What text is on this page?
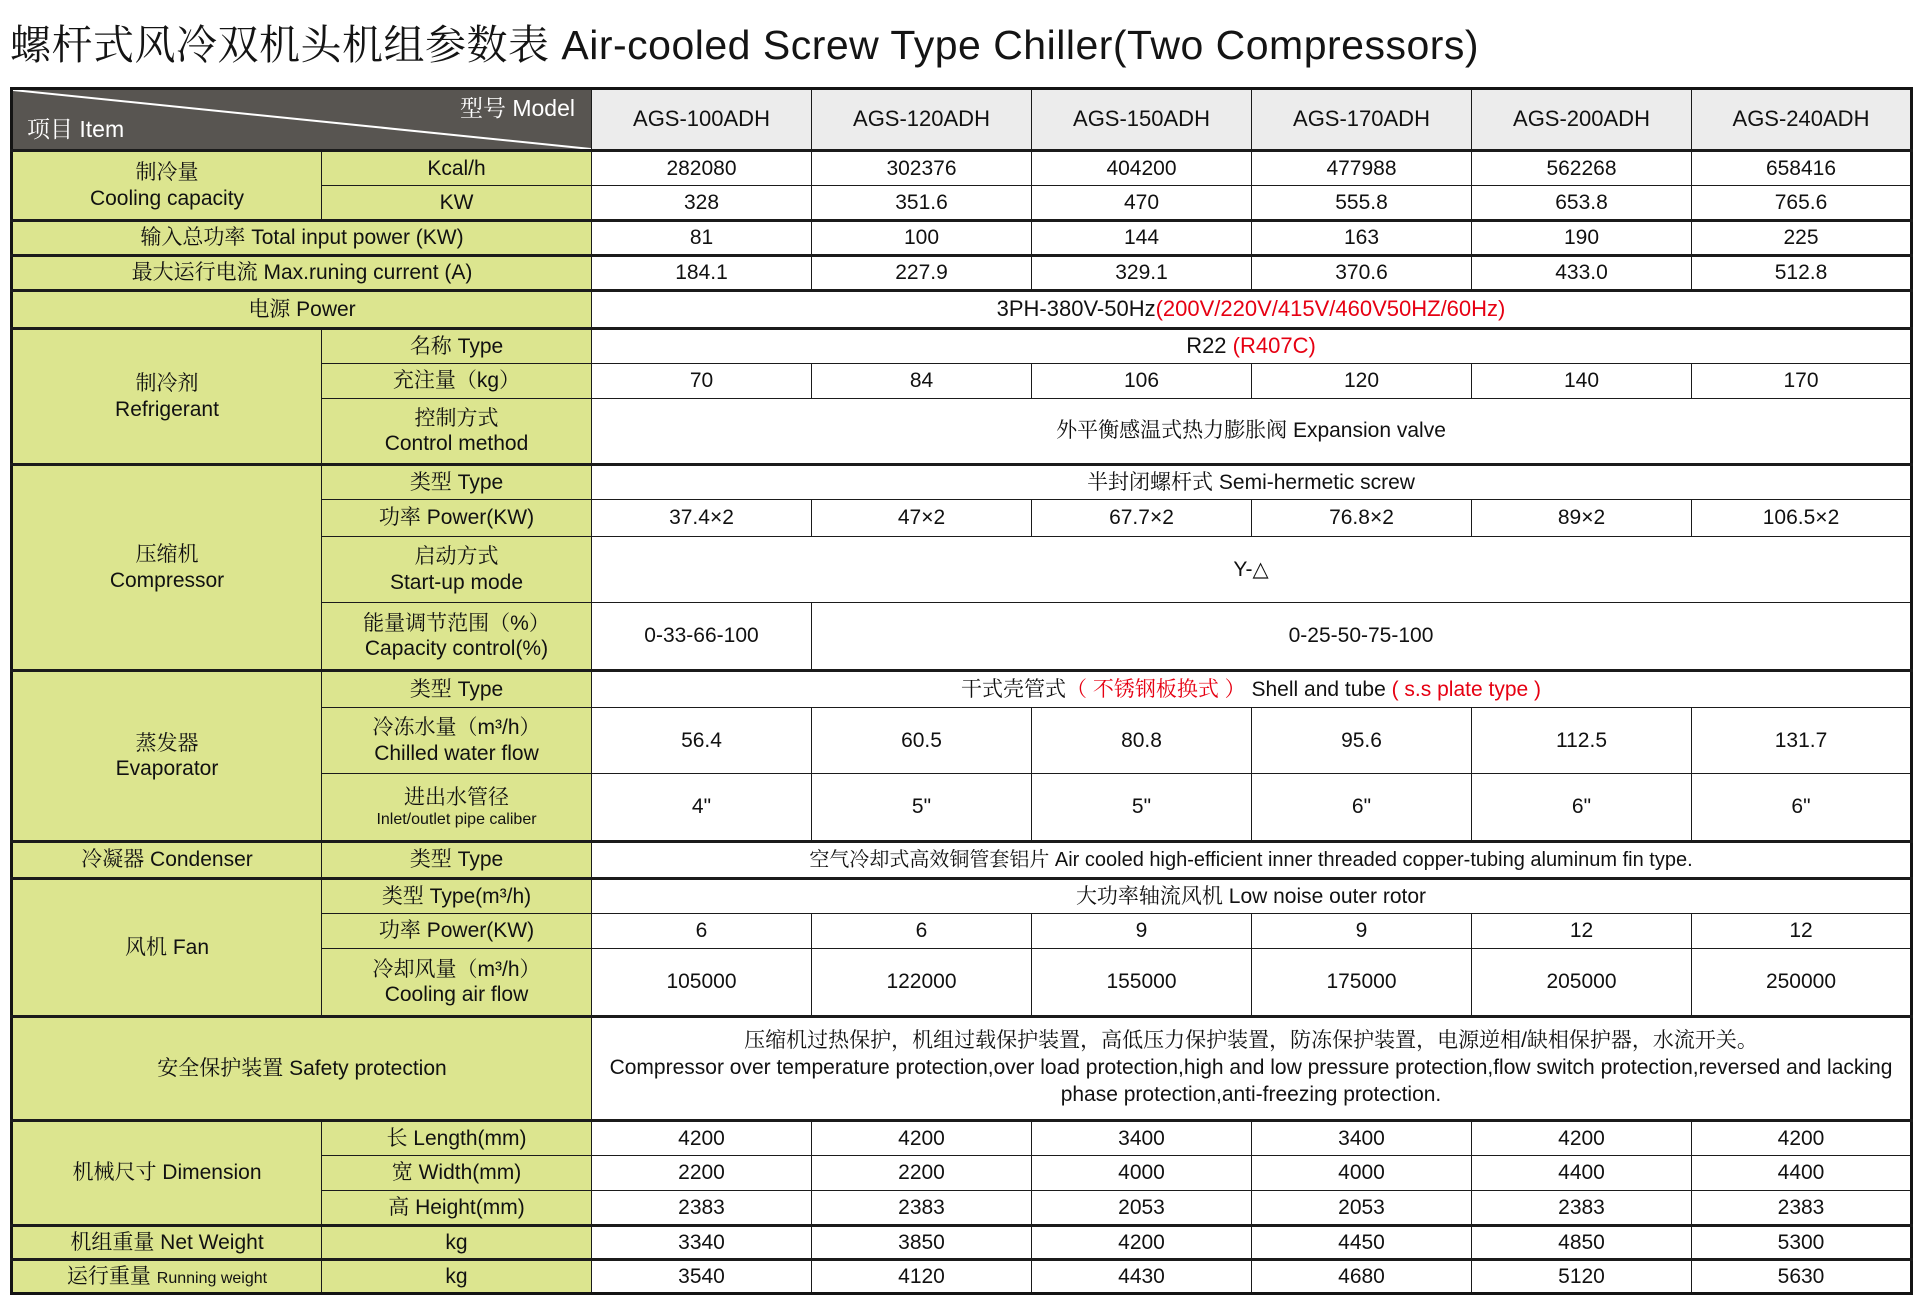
螺杆式风冷双机头机组参数表 Air-cooled Screw Type Chiller(Two Compressors)
型号 Model
项目 Item		AGS-100ADH	AGS-120ADH	AGS-150ADH	AGS-170ADH	AGS-200ADH	AGS-240ADH

制冷量
Cooling capacity	Kcal/h	282080	302376	404200	477988	562268	658416
	KW	328	351.6	470	555.8	653.8	765.6
输入总功率 Total input power (KW)		81	100	144	163	190	225
最大运行电流 Max.runing current (A)		184.1	227.9	329.1	370.6	433.0	512.8
电源 Power		3PH-380V-50Hz(200V/220V/415V/460V50HZ/60Hz)					

制冷剂
Refrigerant	名称 Type	R22 (R407C)					
	充注量（kg）	70	84	106	120	140	170

	控制方式
Control method	外平衡感温式热力膨胀阀 Expansion valve					

压缩机
Compressor	类型 Type	半封闭螺杆式 Semi-hermetic screw					
	功率 Power(KW)	37.4×2	47×2	67.7×2	76.8×2	89×2	106.5×2

	启动方式
Start-up mode	Y-△					

	能量调节范围（%）
Capacity control(%)	0-33-66-100	0-25-50-75-100				

蒸发器
Evaporator	类型 Type	干式壳管式（ 不锈钢板换式 ） Shell and tube ( s.s plate type )					

	冷冻水量（m³/h）
Chilled water flow	56.4	60.5	80.8	95.6	112.5	131.7

	进出水管径
Inlet/outlet pipe caliber	4"	5"	5"	6"	6"	6"
冷凝器 Condenser	类型 Type	空气冷却式高效铜管套铝片 Air cooled high-efficient inner threaded copper-tubing aluminum fin type.					
风机 Fan	类型 Type(m³/h)	大功率轴流风机 Low noise outer rotor					
	功率 Power(KW)	6	6	9	9	12	12

	冷却风量（m³/h）
Cooling air flow	105000	122000	155000	175000	205000	250000
安全保护装置 Safety protection		压缩机过热保护，机组过载保护装置，高低压力保护装置，防冻保护装置，电源逆相/缺相保护器，水流开关。
Compressor over temperature protection,over load protection,high and low pressure protection,flow switch protection,reversed and lacking phase protection,anti-freezing protection.					

机械尺寸 Dimension	长 Length(mm)	4200	4200	3400	3400	4200	4200
	宽 Width(mm)	2200	2200	4000	4000	4400	4400
	高 Height(mm)	2383	2383	2053	2053	2383	2383
机组重量 Net Weight	kg	3340	3850	4200	4450	4850	5300
运行重量 Running weight	kg	3540	4120	4430	4680	5120	5630
